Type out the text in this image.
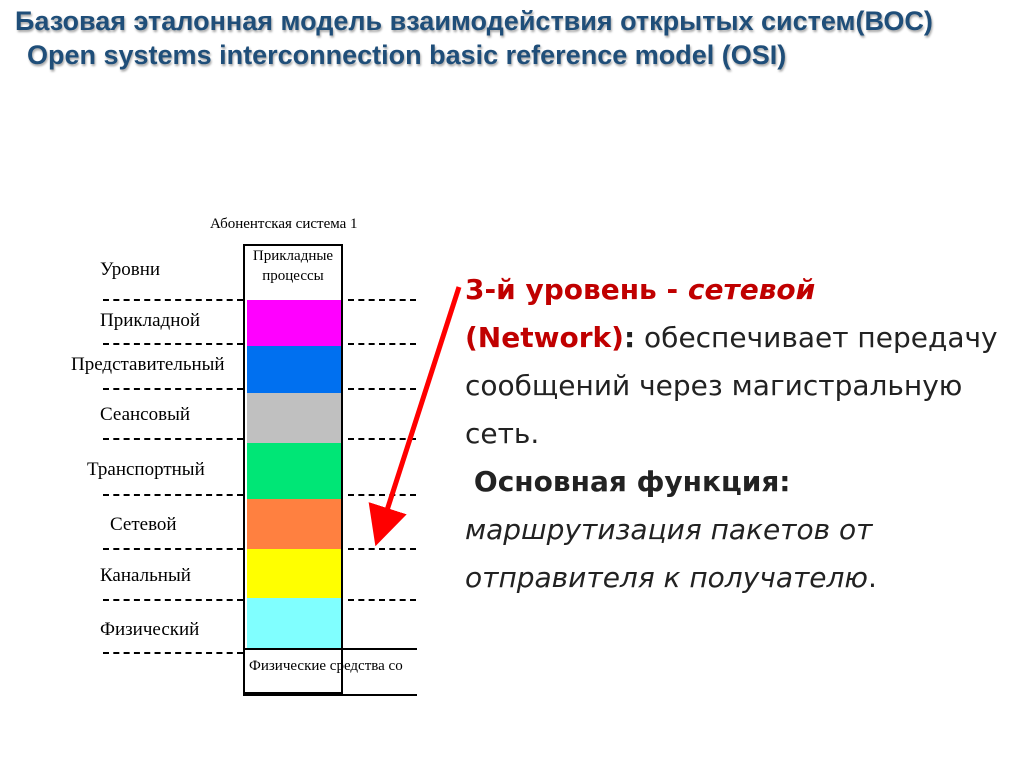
Базовая эталонная модель взаимодействия открытых систем(ВОС)
Open systems interconnection basic reference model (OSI)
Абонентская система 1
Уровни
Прикладные процессы
Физические средства со
Прикладной
Представительный
Сеансовый
Транспортный
Сетевой
Канальный
Физический
3-й уровень - сетевой
(Network): обеспечивает передачу сообщений через магистральную сеть.
Основная функция:
маршрутизация пакетов от отправителя к получателю.
